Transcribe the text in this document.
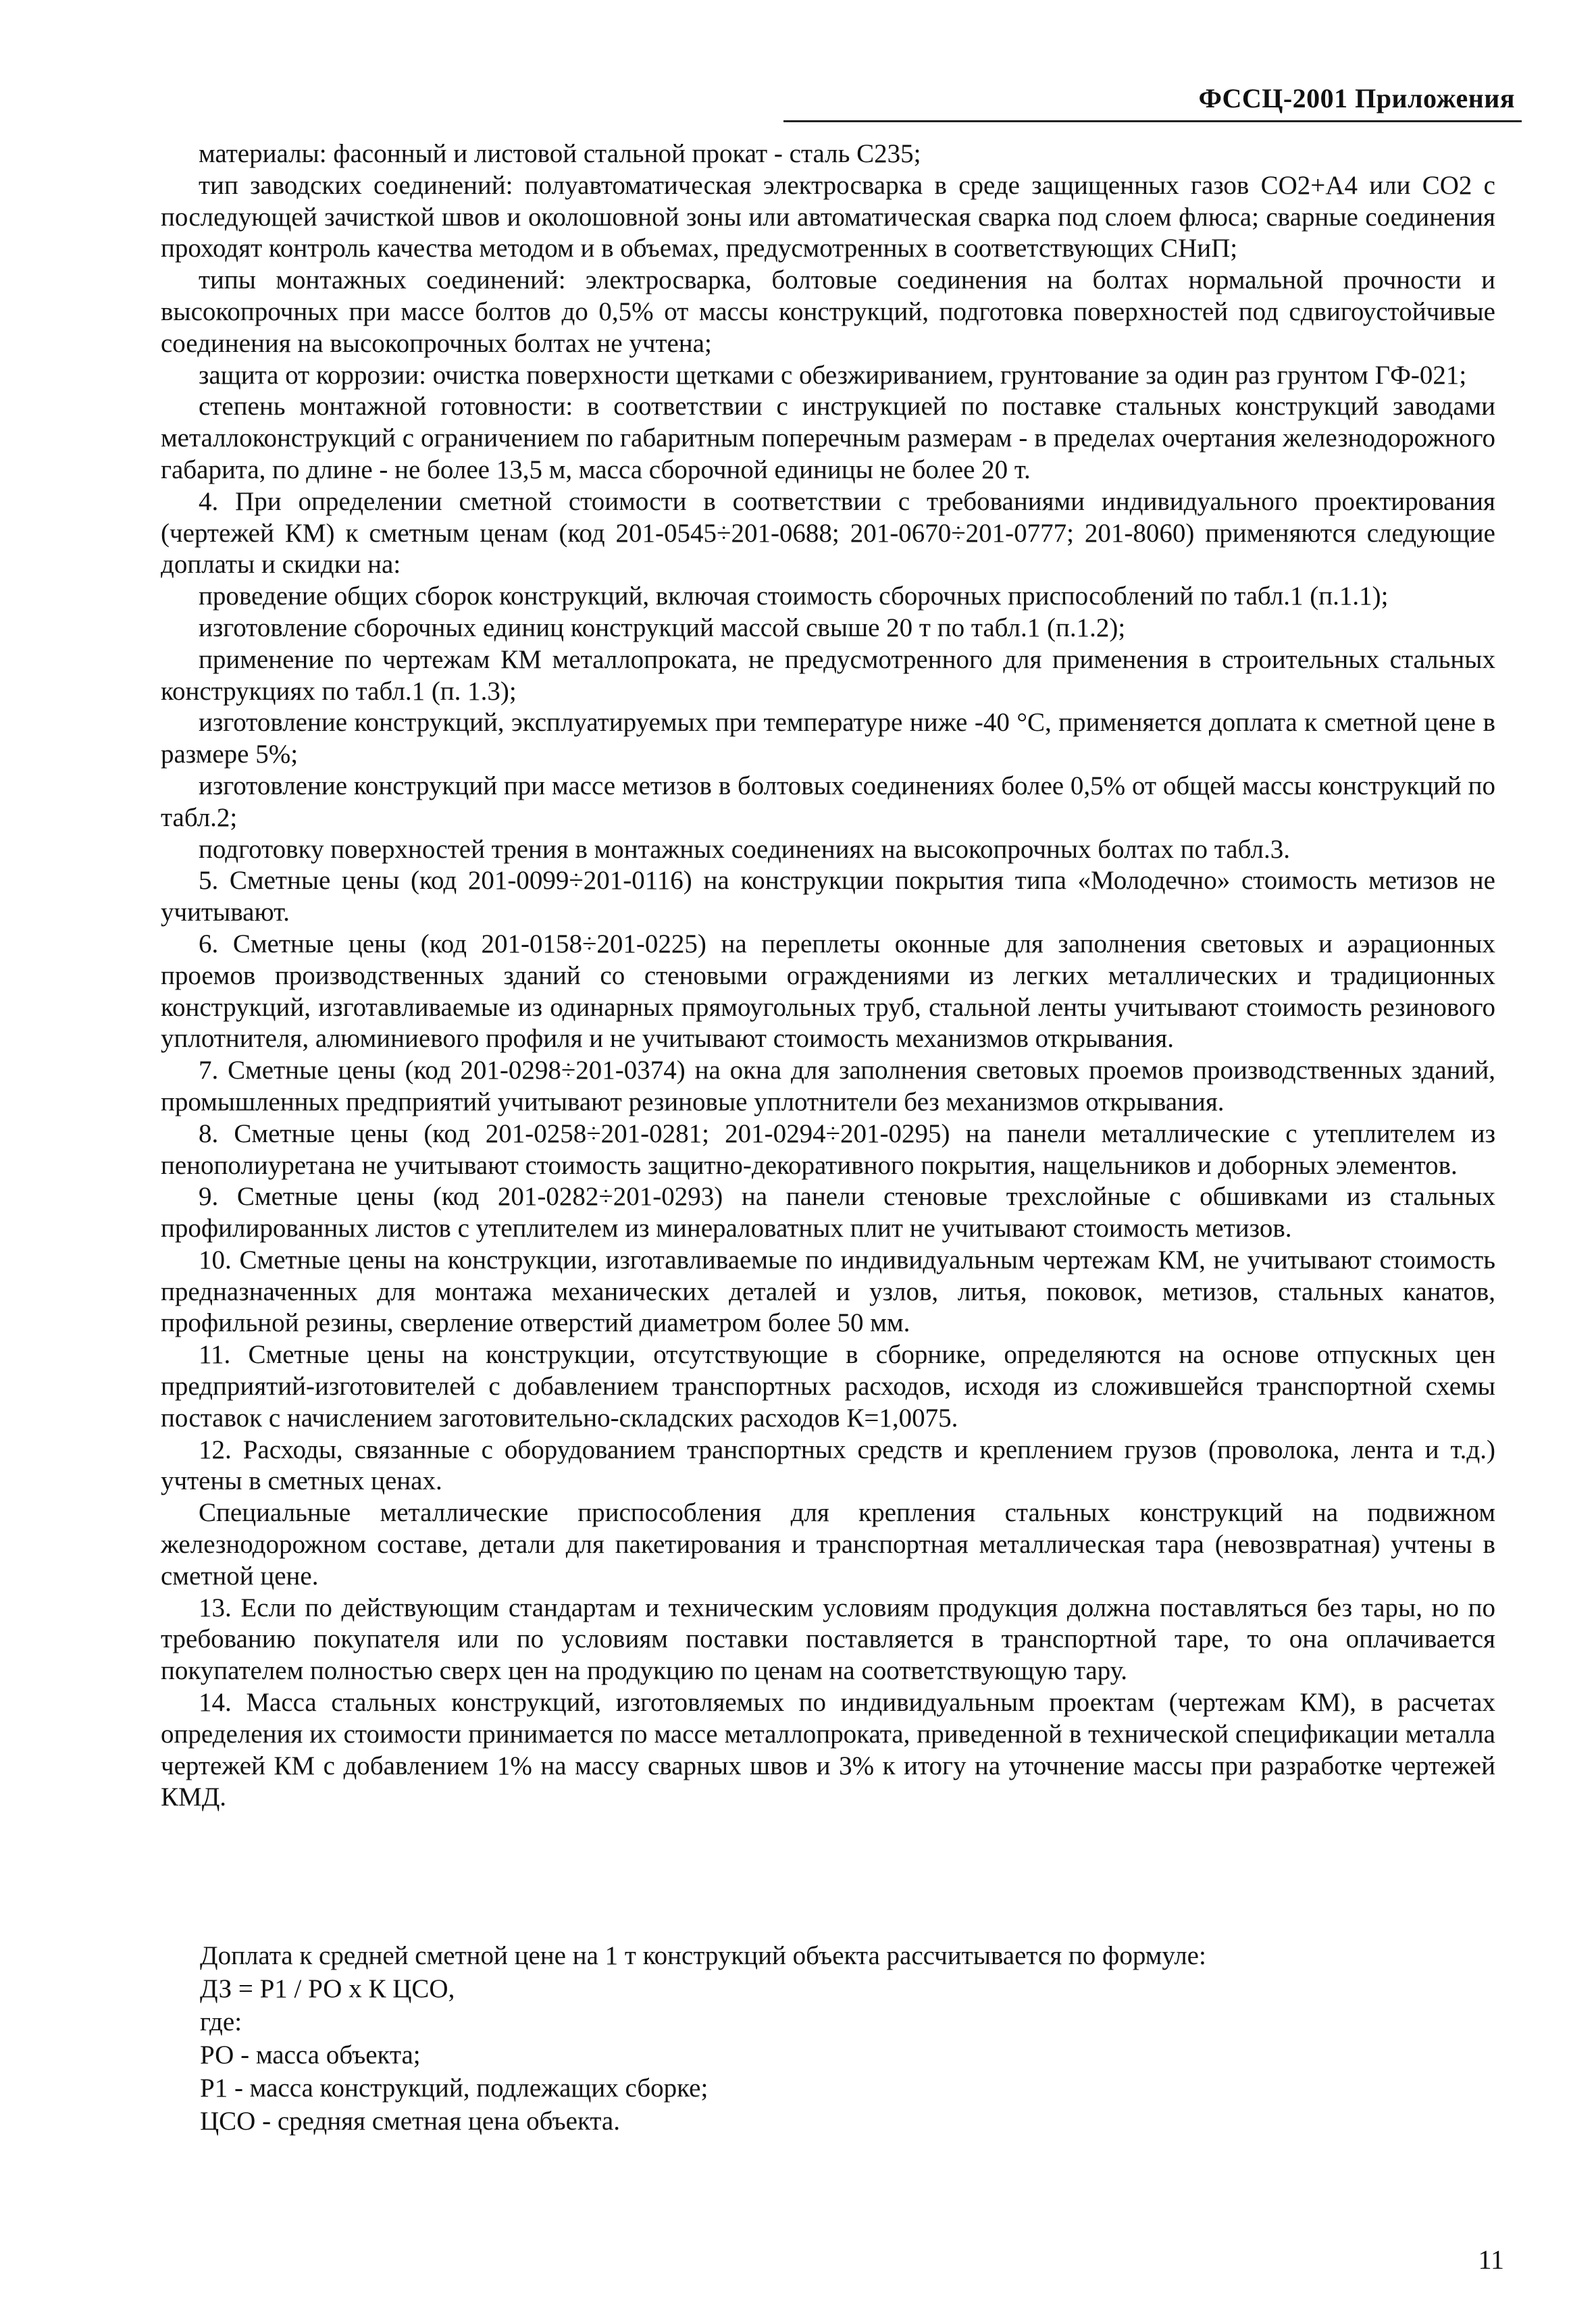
ФССЦ-2001 Приложения

материалы: фасонный и листовой стальной прокат - сталь С235;

тип заводских соединений: полуавтоматическая электросварка в среде защищенных газов СО2+А4 или СО2 с последующей зачисткой швов и околошовной зоны или автоматическая сварка под слоем флюса; сварные соединения проходят контроль качества методом и в объемах, предусмотренных в соответствующих СНиП;

типы монтажных соединений: электросварка, болтовые соединения на болтах нормальной прочности и высокопрочных при массе болтов до 0,5% от массы конструкций, подготовка поверхностей под сдвигоустойчивые соединения на высокопрочных болтах не учтена;

защита от коррозии: очистка поверхности щетками с обезжириванием, грунтование за один раз грунтом ГФ-021;

степень монтажной готовности: в соответствии с инструкцией по поставке стальных конструкций заводами металлоконструкций с ограничением по габаритным поперечным размерам - в пределах очертания железнодорожного габарита, по длине - не более 13,5 м, масса сборочной единицы не более 20 т.

4. При определении сметной стоимости в соответствии с требованиями индивидуального проектирования (чертежей КМ) к сметным ценам (код 201-0545÷201-0688; 201-0670÷201-0777; 201-8060) применяются следующие доплаты и скидки на:

проведение общих сборок конструкций, включая стоимость сборочных приспособлений по табл.1 (п.1.1);

изготовление сборочных единиц конструкций массой свыше 20 т по табл.1 (п.1.2);

применение по чертежам КМ металлопроката, не предусмотренного для применения в строительных стальных конструкциях по табл.1 (п. 1.3);

изготовление конструкций, эксплуатируемых при температуре ниже -40 °С, применяется доплата к сметной цене в размере 5%;

изготовление конструкций при массе метизов в болтовых соединениях более 0,5% от общей массы конструкций по табл.2;

подготовку поверхностей трения в монтажных соединениях на высокопрочных болтах по табл.3.

5. Сметные цены (код 201-0099÷201-0116) на конструкции покрытия типа «Молодечно» стоимость метизов не учитывают.

6. Сметные цены (код 201-0158÷201-0225) на переплеты оконные для заполнения световых и аэрационных проемов производственных зданий со стеновыми ограждениями из легких металлических и традиционных конструкций, изготавливаемые из одинарных прямоугольных труб, стальной ленты учитывают стоимость резинового уплотнителя, алюминиевого профиля и не учитывают стоимость механизмов открывания.

7. Сметные цены (код 201-0298÷201-0374) на окна для заполнения световых проемов производственных зданий, промышленных предприятий учитывают резиновые уплотнители без механизмов открывания.

8. Сметные цены (код 201-0258÷201-0281; 201-0294÷201-0295) на панели металлические с утеплителем из пенополиуретана не учитывают стоимость защитно-декоративного покрытия, нащельников и доборных элементов.

9. Сметные цены (код 201-0282÷201-0293) на панели стеновые трехслойные с обшивками из стальных профилированных листов с утеплителем из минераловатных плит не учитывают стоимость метизов.

10. Сметные цены на конструкции, изготавливаемые по индивидуальным чертежам КМ, не учитывают стоимость предназначенных для монтажа механических деталей и узлов, литья, поковок, метизов, стальных канатов, профильной резины, сверление отверстий диаметром более 50 мм.

11. Сметные цены на конструкции, отсутствующие в сборнике, определяются на основе отпускных цен предприятий-изготовителей с добавлением транспортных расходов, исходя из сложившейся транспортной схемы поставок с начислением заготовительно-складских расходов К=1,0075.

12. Расходы, связанные с оборудованием транспортных средств и креплением грузов (проволока, лента и т.д.) учтены в сметных ценах.

Специальные металлические приспособления для крепления стальных конструкций на подвижном железнодорожном составе, детали для пакетирования и транспортная металлическая тара (невозвратная) учтены в сметной цене.

13. Если по действующим стандартам и техническим условиям продукция должна поставляться без тары, но по требованию покупателя или по условиям поставки поставляется в транспортной таре, то она оплачивается покупателем полностью сверх цен на продукцию по ценам на соответствующую тару.

14. Масса стальных конструкций, изготовляемых по индивидуальным проектам (чертежам КМ), в расчетах определения их стоимости принимается по массе металлопроката, приведенной в технической спецификации металла чертежей КМ с добавлением 1% на массу сварных швов и 3% к итогу на уточнение массы при разработке чертежей КМД.

Доплата к средней сметной цене на 1 т конструкций объекта рассчитывается по формуле:
ДЗ = Р1 / РО х К ЦСО,
где:
РО - масса объекта;
Р1 - масса конструкций, подлежащих сборке;
ЦСО - средняя сметная цена объекта.
11
